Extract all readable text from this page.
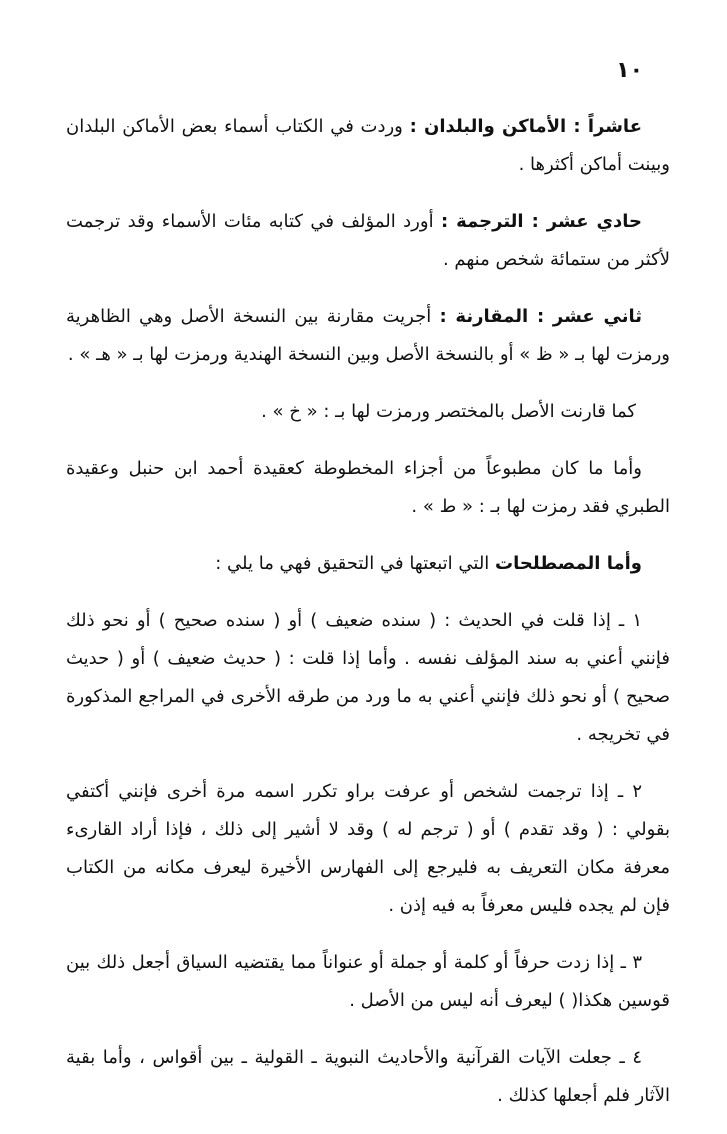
١٠

عاشراً : الأماكن والبلدان : وردت في الكتاب أسماء بعض الأماكن البلدان وبينت أماكن أكثرها .

حادي عشر : الترجمة : أورد المؤلف في كتابه مئات الأسماء وقد ترجمت لأكثر من ستمائة شخص منهم .

ثاني عشر : المقارنة : أجريت مقارنة بين النسخة الأصل وهي الظاهرية ورمزت لها بـ « ظ » أو بالنسخة الأصل وبين النسخة الهندية ورمزت لها بـ « هـ » .

كما قارنت الأصل بالمختصر ورمزت لها بـ : « خ » .

وأما ما كان مطبوعاً من أجزاء المخطوطة كعقيدة أحمد ابن حنبل وعقيدة الطبري فقد رمزت لها بـ : « ط » .

وأما المصطلحات التي اتبعتها في التحقيق فهي ما يلي :

١ ـ إذا قلت في الحديث : ( سنده ضعيف ) أو ( سنده صحيح ) أو نحو ذلك فإنني أعني به سند المؤلف نفسه . وأما إذا قلت : ( حديث ضعيف ) أو ( حديث صحيح ) أو نحو ذلك فإنني أعني به ما ورد من طرقه الأخرى في المراجع المذكورة في تخريجه .

٢ ـ إذا ترجمت لشخص أو عرفت براو تكرر اسمه مرة أخرى فإنني أكتفي بقولي : ( وقد تقدم ) أو ( ترجم له ) وقد لا أشير إلى ذلك ، فإذا أراد القارىء معرفة مكان التعريف به فليرجع إلى الفهارس الأخيرة ليعرف مكانه من الكتاب فإن لم يجده فليس معرفاً به فيه إذن .

٣ ـ إذا زدت حرفاً أو كلمة أو جملة أو عنواناً مما يقتضيه السياق أجعل ذلك بين قوسين هكذا( ) ليعرف أنه ليس من الأصل .

٤ ـ جعلت الآيات القرآنية والأحاديث النبوية ـ القولية ـ بين أقواس ، وأما بقية الآثار فلم أجعلها كذلك .
